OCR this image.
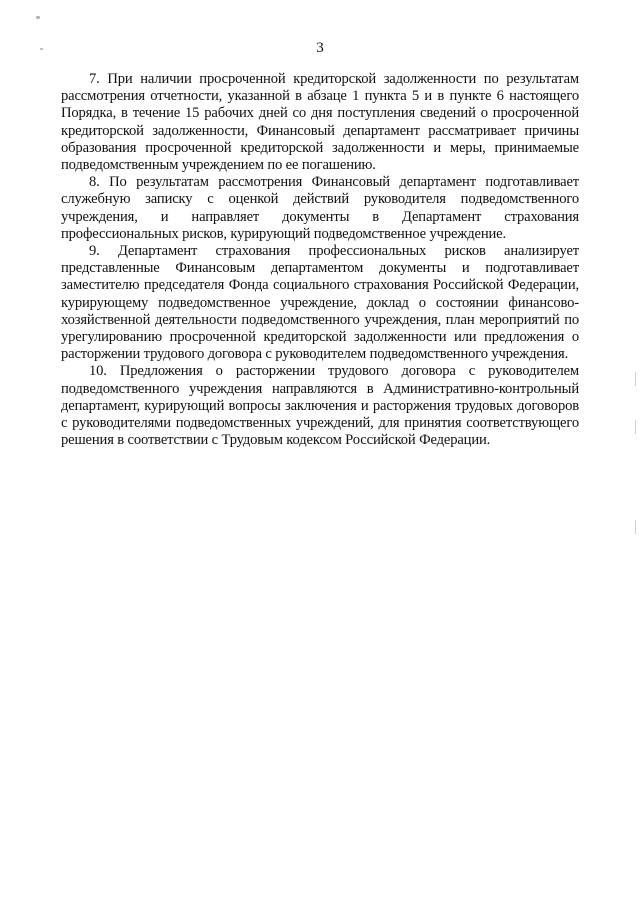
3

7. При наличии просроченной кредиторской задолженности по результатам рассмотрения отчетности, указанной в абзаце 1 пункта 5 и в пункте 6 настоящего Порядка, в течение 15 рабочих дней со дня поступления сведений о просроченной кредиторской задолженности, Финансовый департамент рассматривает причины образования просроченной кредиторской задолженности и меры, принимаемые подведомственным учреждением по ее погашению.

8. По результатам рассмотрения Финансовый департамент подготавливает служебную записку с оценкой действий руководителя подведомственного учреждения, и направляет документы в Департамент страхования профессиональных рисков, курирующий подведомственное учреждение.

9. Департамент страхования профессиональных рисков анализирует представленные Финансовым департаментом документы и подготавливает заместителю председателя Фонда социального страхования Российской Федерации, курирующему подведомственное учреждение, доклад о состоянии финансово-хозяйственной деятельности подведомственного учреждения, план мероприятий по урегулированию просроченной кредиторской задолженности или предложения о расторжении трудового договора с руководителем подведомственного учреждения.

10. Предложения о расторжении трудового договора с руководителем подведомственного учреждения направляются в Административно-контрольный департамент, курирующий вопросы заключения и расторжения трудовых договоров с руководителями подведомственных учреждений, для принятия соответствующего решения в соответствии с Трудовым кодексом Российской Федерации.
